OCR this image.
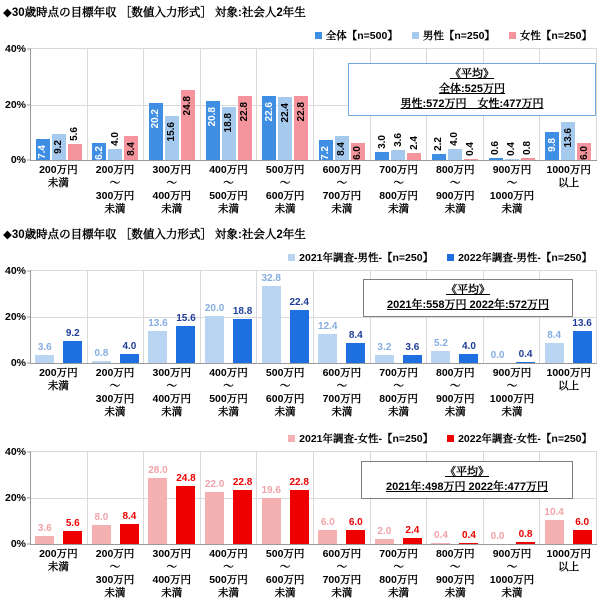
◆30歳時点の目標年収 ［数値入力形式］ 対象:社会人2年生
全体【n=500】 男性【n=250】 女性【n=250】
40%
20%
0%
7.4 9.2
5.6
6.2
4.0
8.4
20.2
15.6
24.8
20.8 18.8
22.8 22.6 22.4 22.8
7.2 8.4 6.0
3.0 3.6 2.4 2.2 4.0
0.4 0.6 0.4 0.8 9.8 13.6
6.0
《平均》
全体:525万円
男性:572万円　女性:477万円
200万円
未満
200万円
〜
300万円
未満
300万円
〜
400万円
未満
400万円
〜
500万円
未満
500万円
〜
600万円
未満
600万円
〜
700万円
未満
700万円
〜
800万円
未満
800万円
〜
900万円
未満
900万円
〜
1000万円
未満
1000万円
以上
◆30歳時点の目標年収 ［数値入力形式］ 対象:社会人2年生
2021年調査-男性-【n=250】 2022年調査-男性-【n=250】
40%
20%
0%
3.6
9.2
0.8
4.0
13.6 15.6
20.0 18.8
32.8
22.4
12.4
8.4
3.2 3.6 5.2 4.0
0.0 0.4
8.4
13.6
《平均》
2021年:558万円 2022年:572万円
200万円
未満
200万円
〜
300万円
未満
300万円
〜
400万円
未満
400万円
〜
500万円
未満
500万円
〜
600万円
未満
600万円
〜
700万円
未満
700万円
〜
800万円
未満
800万円
〜
900万円
未満
900万円
〜
1000万円
未満
1000万円
以上
2021年調査-女性-【n=250】 2022年調査-女性-【n=250】
40%
20%
0%
3.6 5.6
8.0 8.4
28.0
24.8
22.0 22.8
19.6
22.8
6.0 6.0
2.0 2.4 0.4 0.4 0.0 0.8
10.4
6.0
《平均》
2021年:498万円 2022年:477万円
200万円
未満
200万円
〜
300万円
未満
300万円
〜
400万円
未満
400万円
〜
500万円
未満
500万円
〜
600万円
未満
600万円
〜
700万円
未満
700万円
〜
800万円
未満
800万円
〜
900万円
未満
900万円
〜
1000万円
未満
1000万円
以上
